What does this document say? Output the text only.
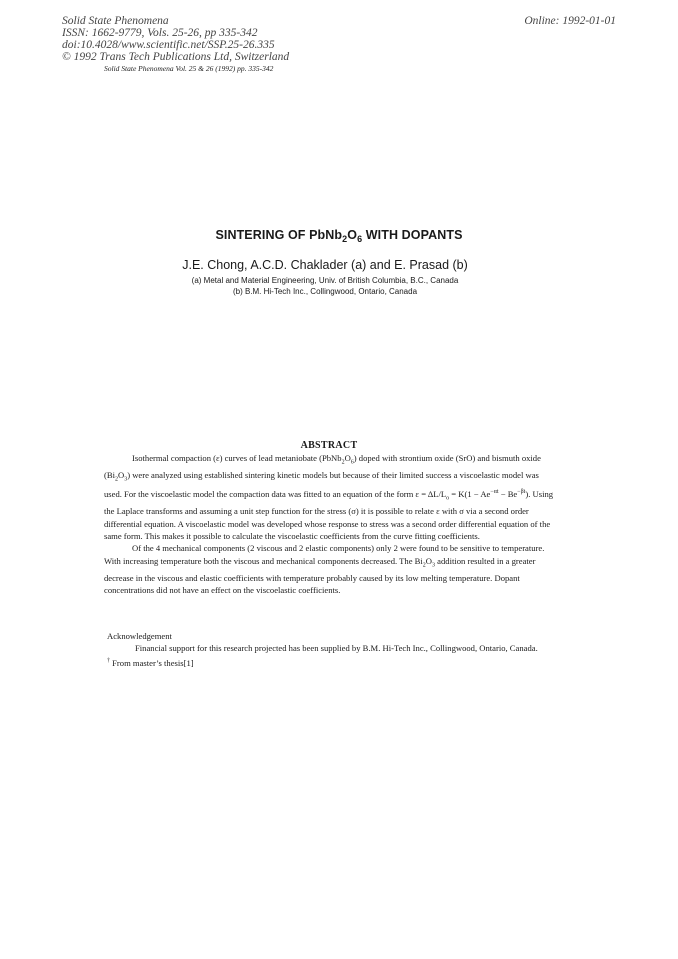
Solid State Phenomena
ISSN: 1662-9779, Vols. 25-26, pp 335-342
doi:10.4028/www.scientific.net/SSP.25-26.335
© 1992 Trans Tech Publications Ltd, Switzerland
Solid State Phenomena Vol. 25 & 26 (1992) pp. 335-342
Online: 1992-01-01
SINTERING OF $PbNb_2O_6$ WITH DOPANTS
J.E. Chong, A.C.D. Chaklader (a) and E. Prasad (b)
(a) Metal and Material Engineering, Univ. of British Columbia, B.C., Canada
(b) B.M. Hi-Tech Inc., Collingwood, Ontario, Canada
ABSTRACT

Isothermal compaction (ε) curves of lead metaniobate $(PbNb_2O_6)$ doped with strontium oxide (SrO) and bismuth oxide $(Bi_2O_3)$ were analyzed using established sintering kinetic models but because of their limited success a viscoelastic model was used. For the viscoelastic model the compaction data was fitted to an equation of the form $\varepsilon = \Delta L/L_o = K(1 - Ae^{-\alpha t} - Be^{-\beta t})$. Using the Laplace transforms and assuming a unit step function for the stress (σ) it is possible to relate ε with σ via a second order differential equation. A viscoelastic model was developed whose response to stress was a second order differential equation of the same form. This makes it possible to calculate the viscoelastic coefficients from the curve fitting coefficients.

Of the 4 mechanical components (2 viscous and 2 elastic components) only 2 were found to be sensitive to temperature. With increasing temperature both the viscous and mechanical components decreased. The $Bi_2O_3$ addition resulted in a greater decrease in the viscous and elastic coefficients with temperature probably caused by its low melting temperature. Dopant concentrations did not have an effect on the viscoelastic coefficients.

Acknowledgement

Financial support for this research projected has been supplied by B.M. Hi-Tech Inc., Collingwood, Ontario, Canada.

† From master’s thesis[1]
